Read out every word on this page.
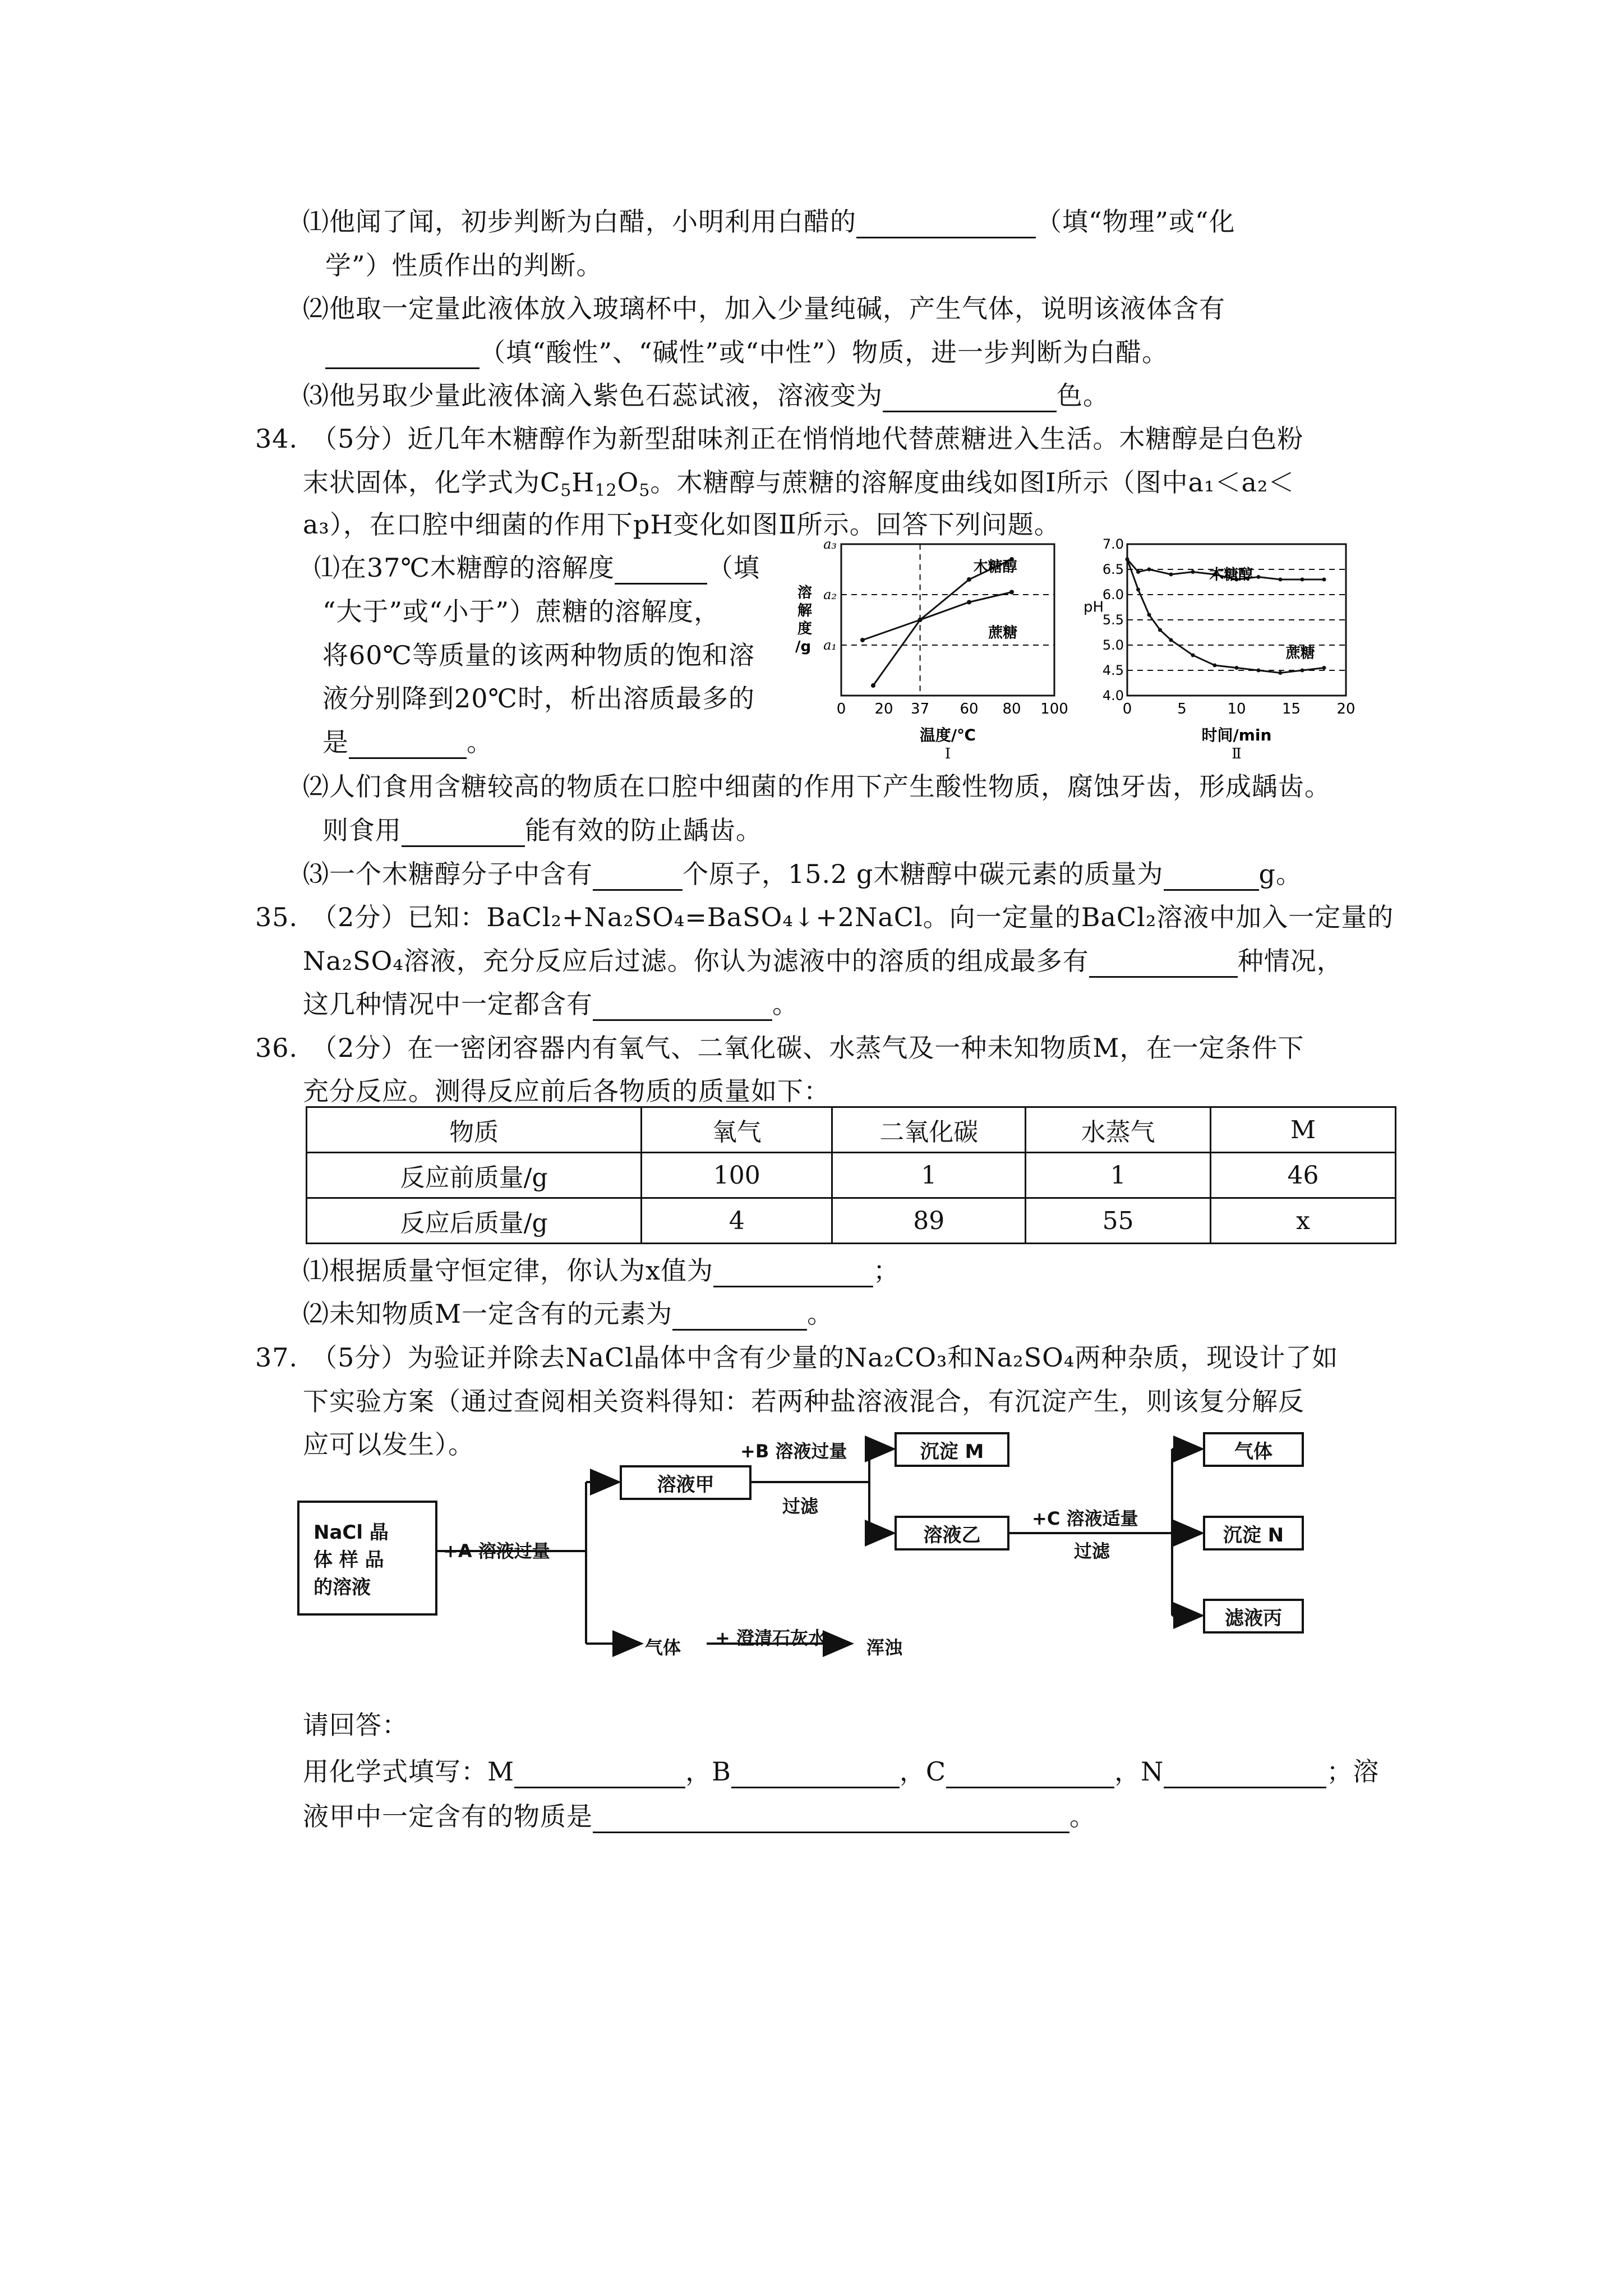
⑴他闻了闻，初步判断为白醋，小明利用白醋的	（填“物理”或“化
学”）性质作出的判断。
⑵他取一定量此液体放入玻璃杯中，加入少量纯碱，产生气体，说明该液体含有
（填“酸性”、“碱性”或“中性”）物质，进一步判断为白醋。
⑶他另取少量此液体滴入紫色石蕊试液，溶液变为	色。
34.　（5分）近几年木糖醇作为新型甜味剂正在悄悄地代替蔗糖进入生活。木糖醇是白色粉
末状固体，化学式为$C_5H_{12}O_5$。木糖醇与蔗糖的溶解度曲线如图Ⅰ所示（图中a₁＜a₂＜
a₃），在口腔中细菌的作用下pH变化如图Ⅱ所示。回答下列问题。
⑴在37℃木糖醇的溶解度	（填
“大于”或“小于”）蔗糖的溶解度，
将60℃等质量的该两种物质的饱和溶
液分别降到20℃时，析出溶质最多的
是	。
0 20 37 60 80 100
a₁
a₂
a₃
溶
解
度
/g
温度/℃
Ⅰ
木糖醇
蔗糖
0	5	10 15 20
4.0
4.5
5.0
5.5
6.0
6.5
7.0
pH
时间/min
Ⅱ
木糖醇
蔗糖
⑵人们食用含糖较高的物质在口腔中细菌的作用下产生酸性物质，腐蚀牙齿，形成龋齿。
则食用	能有效的防止龋齿。
⑶一个木糖醇分子中含有	个原子，15.2 g木糖醇中碳元素的质量为	g。
35.　（2分）已知：BaCl₂+Na₂SO₄=BaSO₄↓+2NaCl。向一定量的BaCl₂溶液中加入一定量的
Na₂SO₄溶液，充分反应后过滤。你认为滤液中的溶质的组成最多有	种情况，
这几种情况中一定都含有	。
36.　（2分）在一密闭容器内有氧气、二氧化碳、水蒸气及一种未知物质M，在一定条件下
充分反应。测得反应前后各物质的质量如下：
物质	氧气	二氧化碳	水蒸气	M
反应前质量/g	100	1	1	46
反应后质量/g	4	89	55	x
⑴根据质量守恒定律，你认为x值为	；
⑵未知物质M一定含有的元素为	。
37.　（5分）为验证并除去NaCl晶体中含有少量的Na₂CO₃和Na₂SO₄两种杂质，现设计了如
下实验方案（通过查阅相关资料得知：若两种盐溶液混合，有沉淀产生，则该复分解反
应可以发生）。
NaCl 晶
体 样 品
的溶液
+A 溶液过量
溶液甲
+B 溶液过量
过滤
沉淀 M
溶液乙
+C 溶液适量
过滤
气体
沉淀 N
滤液丙
气体 + 澄清石灰水 浑浊
请回答：
用化学式填写：M	，B	，C	，N	；溶
液甲中一定含有的物质是	。
